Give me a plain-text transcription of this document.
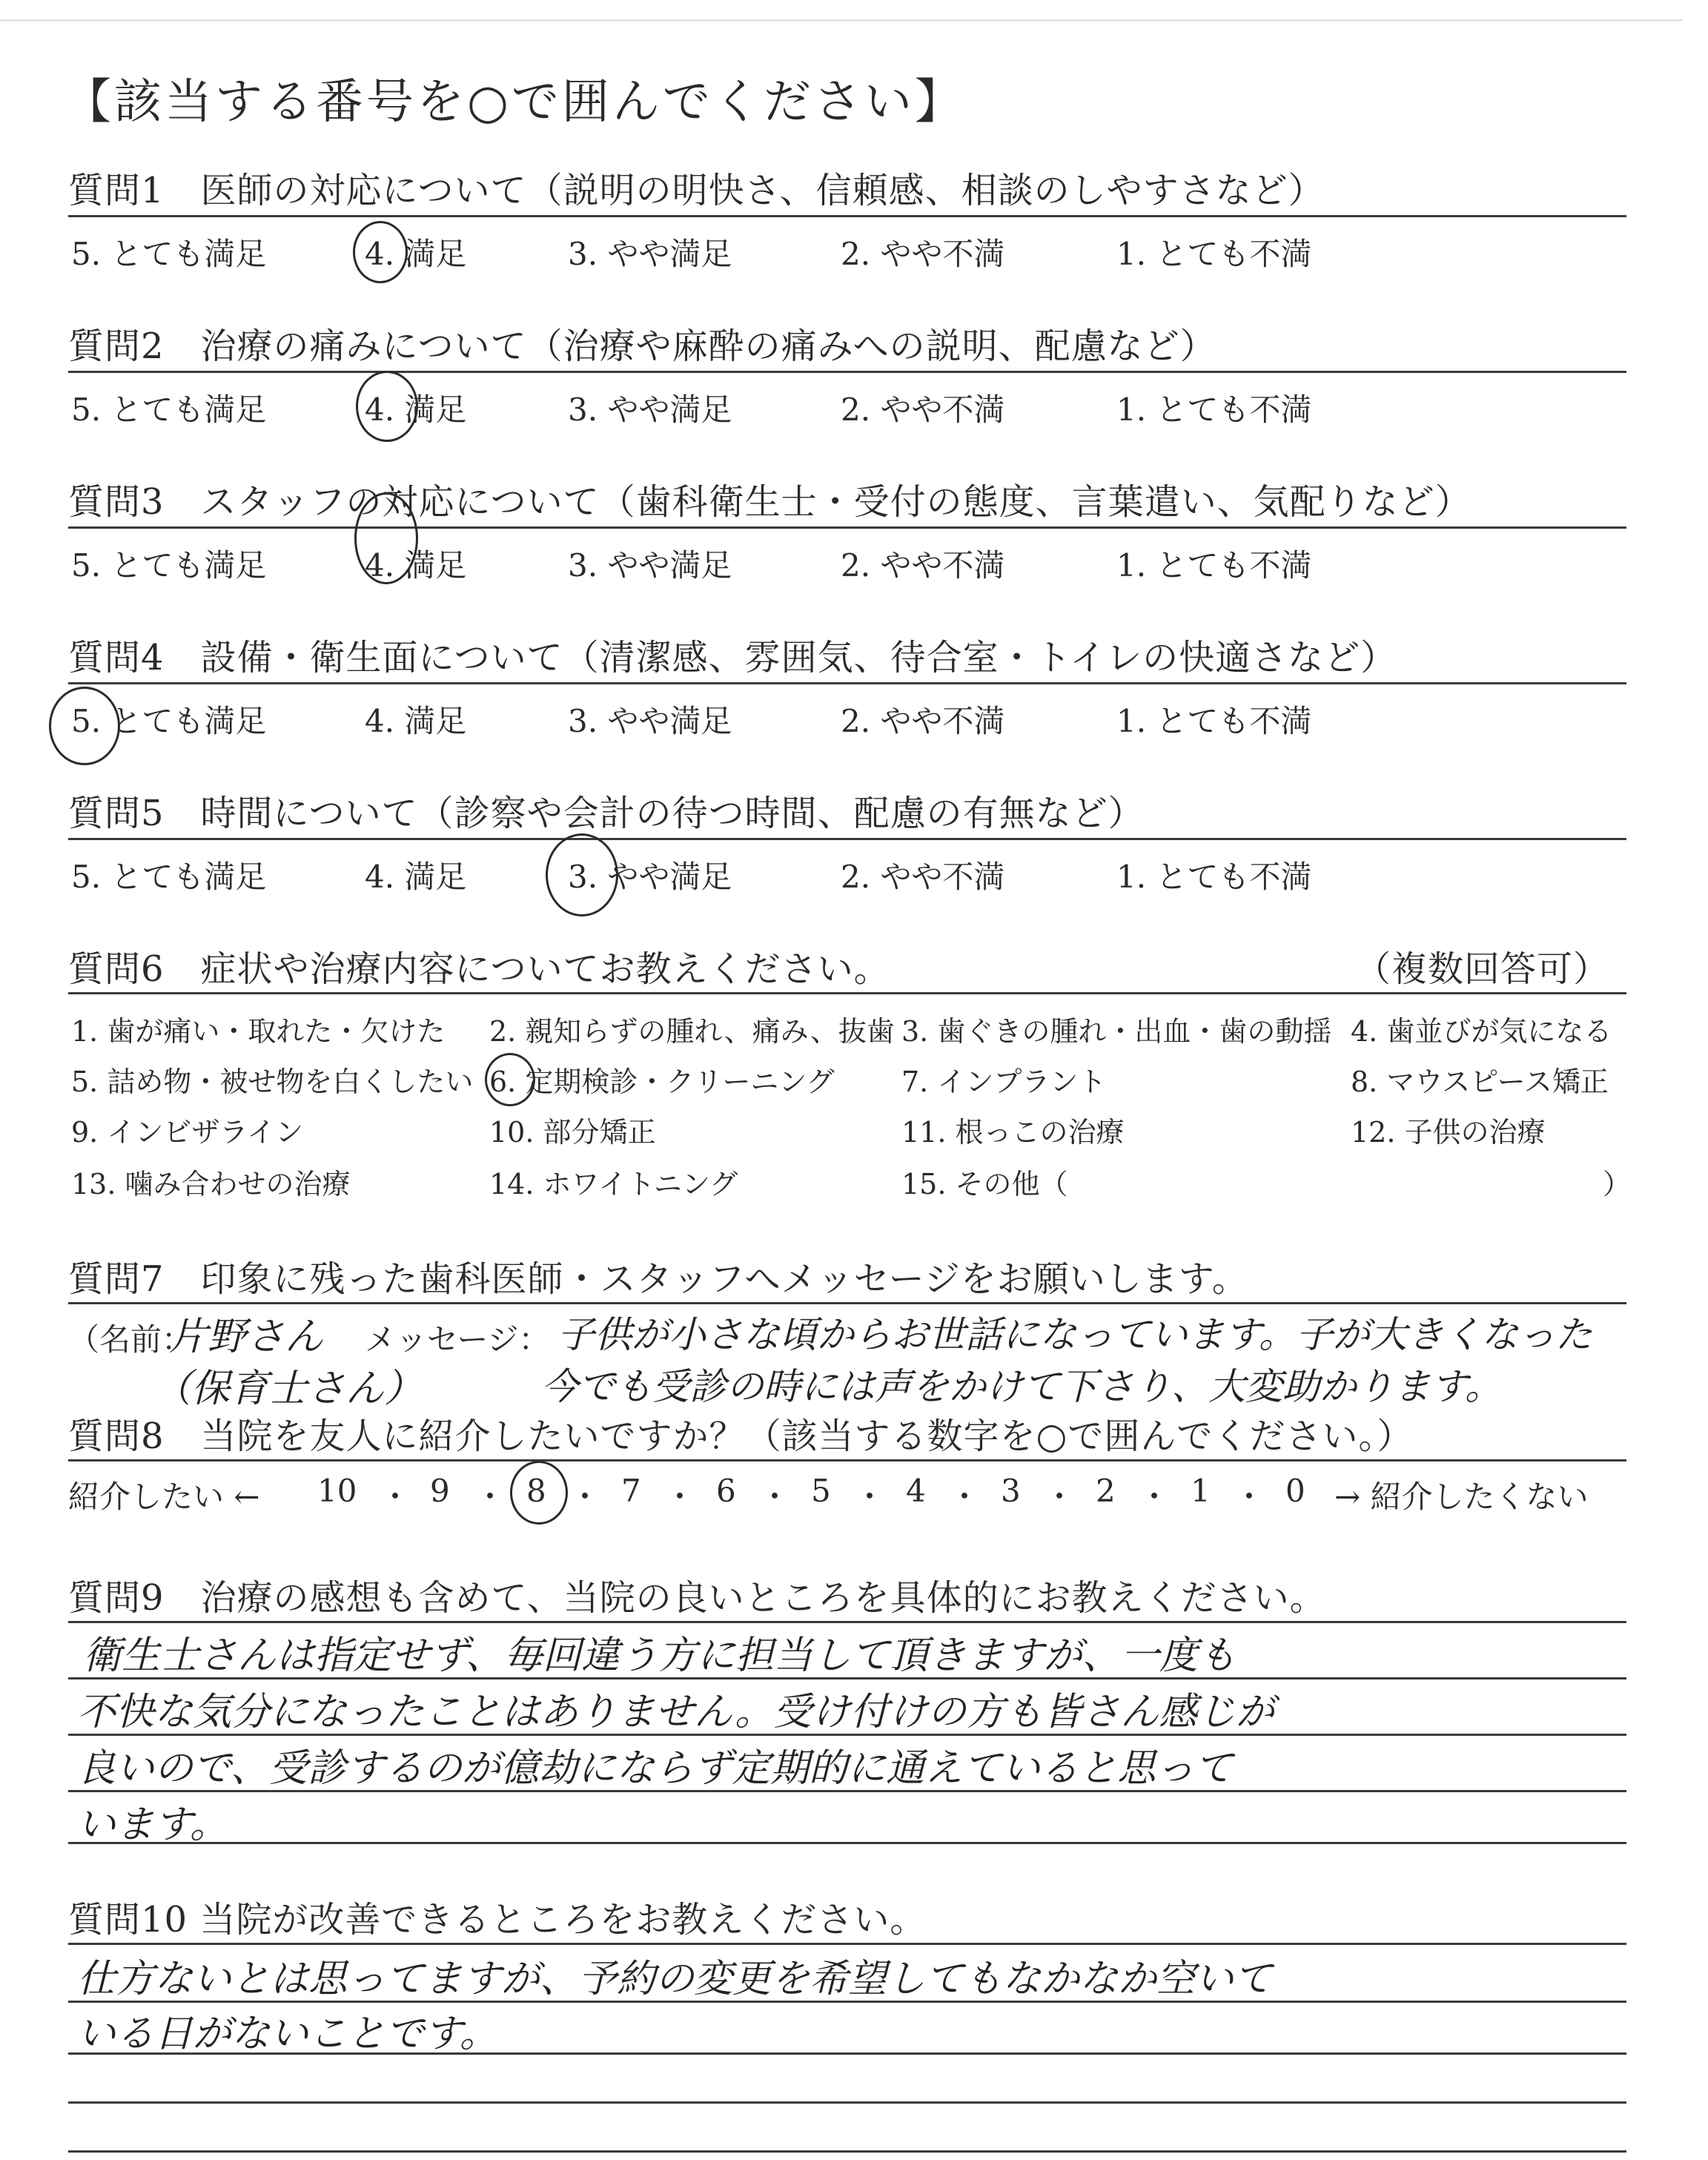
【該当する番号を○で囲んでください】
質問1　医師の対応について（説明の明快さ、信頼感、相談のしやすさなど）
5. とても満足	4. 満足	3. やや満足	2. やや不満	1. とても不満
質問2　治療の痛みについて（治療や麻酔の痛みへの説明、配慮など）
5. とても満足	4. 満足	3. やや満足	2. やや不満	1. とても不満
質問3　スタッフの対応について（歯科衛生士・受付の態度、言葉遣い、気配りなど）
5. とても満足	4. 満足	3. やや満足	2. やや不満	1. とても不満
質問4　設備・衛生面について（清潔感、雰囲気、待合室・トイレの快適さなど）
5. とても満足	4. 満足	3. やや満足	2. やや不満	1. とても不満
質問5　時間について（診察や会計の待つ時間、配慮の有無など）
5. とても満足	4. 満足	3. やや満足	2. やや不満	1. とても不満
質問6　症状や治療内容についてお教えください。	（複数回答可）
1. 歯が痛い・取れた・欠けた 2. 親知らずの腫れ、痛み、抜歯 3. 歯ぐきの腫れ・出血・歯の動揺 4. 歯並びが気になる
5. 詰め物・被せ物を白くしたい 6. 定期検診・クリーニング 7. インプラント	8. マウスピース矯正
9. インビザライン	10. 部分矯正	11. 根っこの治療	12. 子供の治療
13. 噛み合わせの治療	14. ホワイトニング	15. その他（	）
質問7　印象に残った歯科医師・スタッフへメッセージをお願いします。
（名前：
片野さん
（保育士さん）
メッセージ： 子供が小さな頃からお世話になっています。子が大きくなった
今でも受診の時には声をかけて下さり、大変助かります。
質問8　当院を友人に紹介したいですか？（該当する数字を○で囲んでください。）
紹介したい ← 10 ・ 9 ・ 8 ・ 7 ・ 6 ・ 5 ・ 4 ・ 3 ・ 2 ・ 1 ・ 0 → 紹介したくない
質問9　治療の感想も含めて、当院の良いところを具体的にお教えください。
衛生士さんは指定せず、毎回違う方に担当して頂きますが、一度も
不快な気分になったことはありません。受け付けの方も皆さん感じが
良いので、受診するのが億劫にならず定期的に通えていると思って
います。
質問10 当院が改善できるところをお教えください。
仕方ないとは思ってますが、予約の変更を希望してもなかなか空いて
いる日がないことです。
